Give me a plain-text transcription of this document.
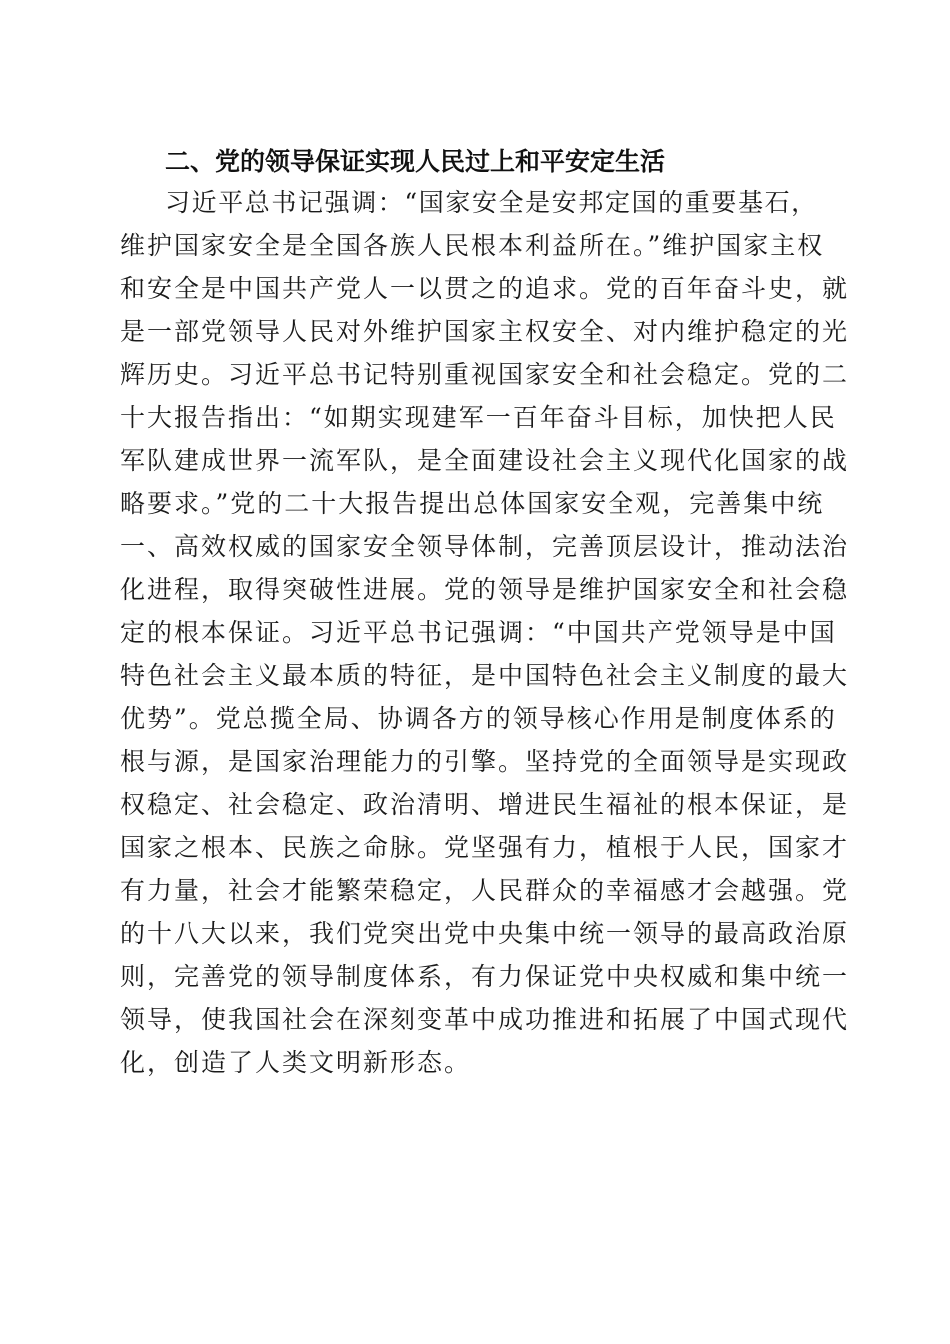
二、党的领导保证实现人民过上和平安定生活
习近平总书记强调：“国家安全是安邦定国的重要基石，
维护国家安全是全国各族人民根本利益所在。”维护国家主权
和安全是中国共产党人一以贯之的追求。党的百年奋斗史，就
是一部党领导人民对外维护国家主权安全、对内维护稳定的光
辉历史。习近平总书记特别重视国家安全和社会稳定。党的二
十大报告指出：“如期实现建军一百年奋斗目标，加快把人民
军队建成世界一流军队，是全面建设社会主义现代化国家的战
略要求。”党的二十大报告提出总体国家安全观，完善集中统
一、高效权威的国家安全领导体制，完善顶层设计，推动法治
化进程，取得突破性进展。党的领导是维护国家安全和社会稳
定的根本保证。习近平总书记强调：“中国共产党领导是中国
特色社会主义最本质的特征，是中国特色社会主义制度的最大
优势”。党总揽全局、协调各方的领导核心作用是制度体系的
根与源，是国家治理能力的引擎。坚持党的全面领导是实现政
权稳定、社会稳定、政治清明、增进民生福祉的根本保证，是
国家之根本、民族之命脉。党坚强有力，植根于人民，国家才
有力量，社会才能繁荣稳定，人民群众的幸福感才会越强。党
的十八大以来，我们党突出党中央集中统一领导的最高政治原
则，完善党的领导制度体系，有力保证党中央权威和集中统一
领导，使我国社会在深刻变革中成功推进和拓展了中国式现代
化，创造了人类文明新形态。
